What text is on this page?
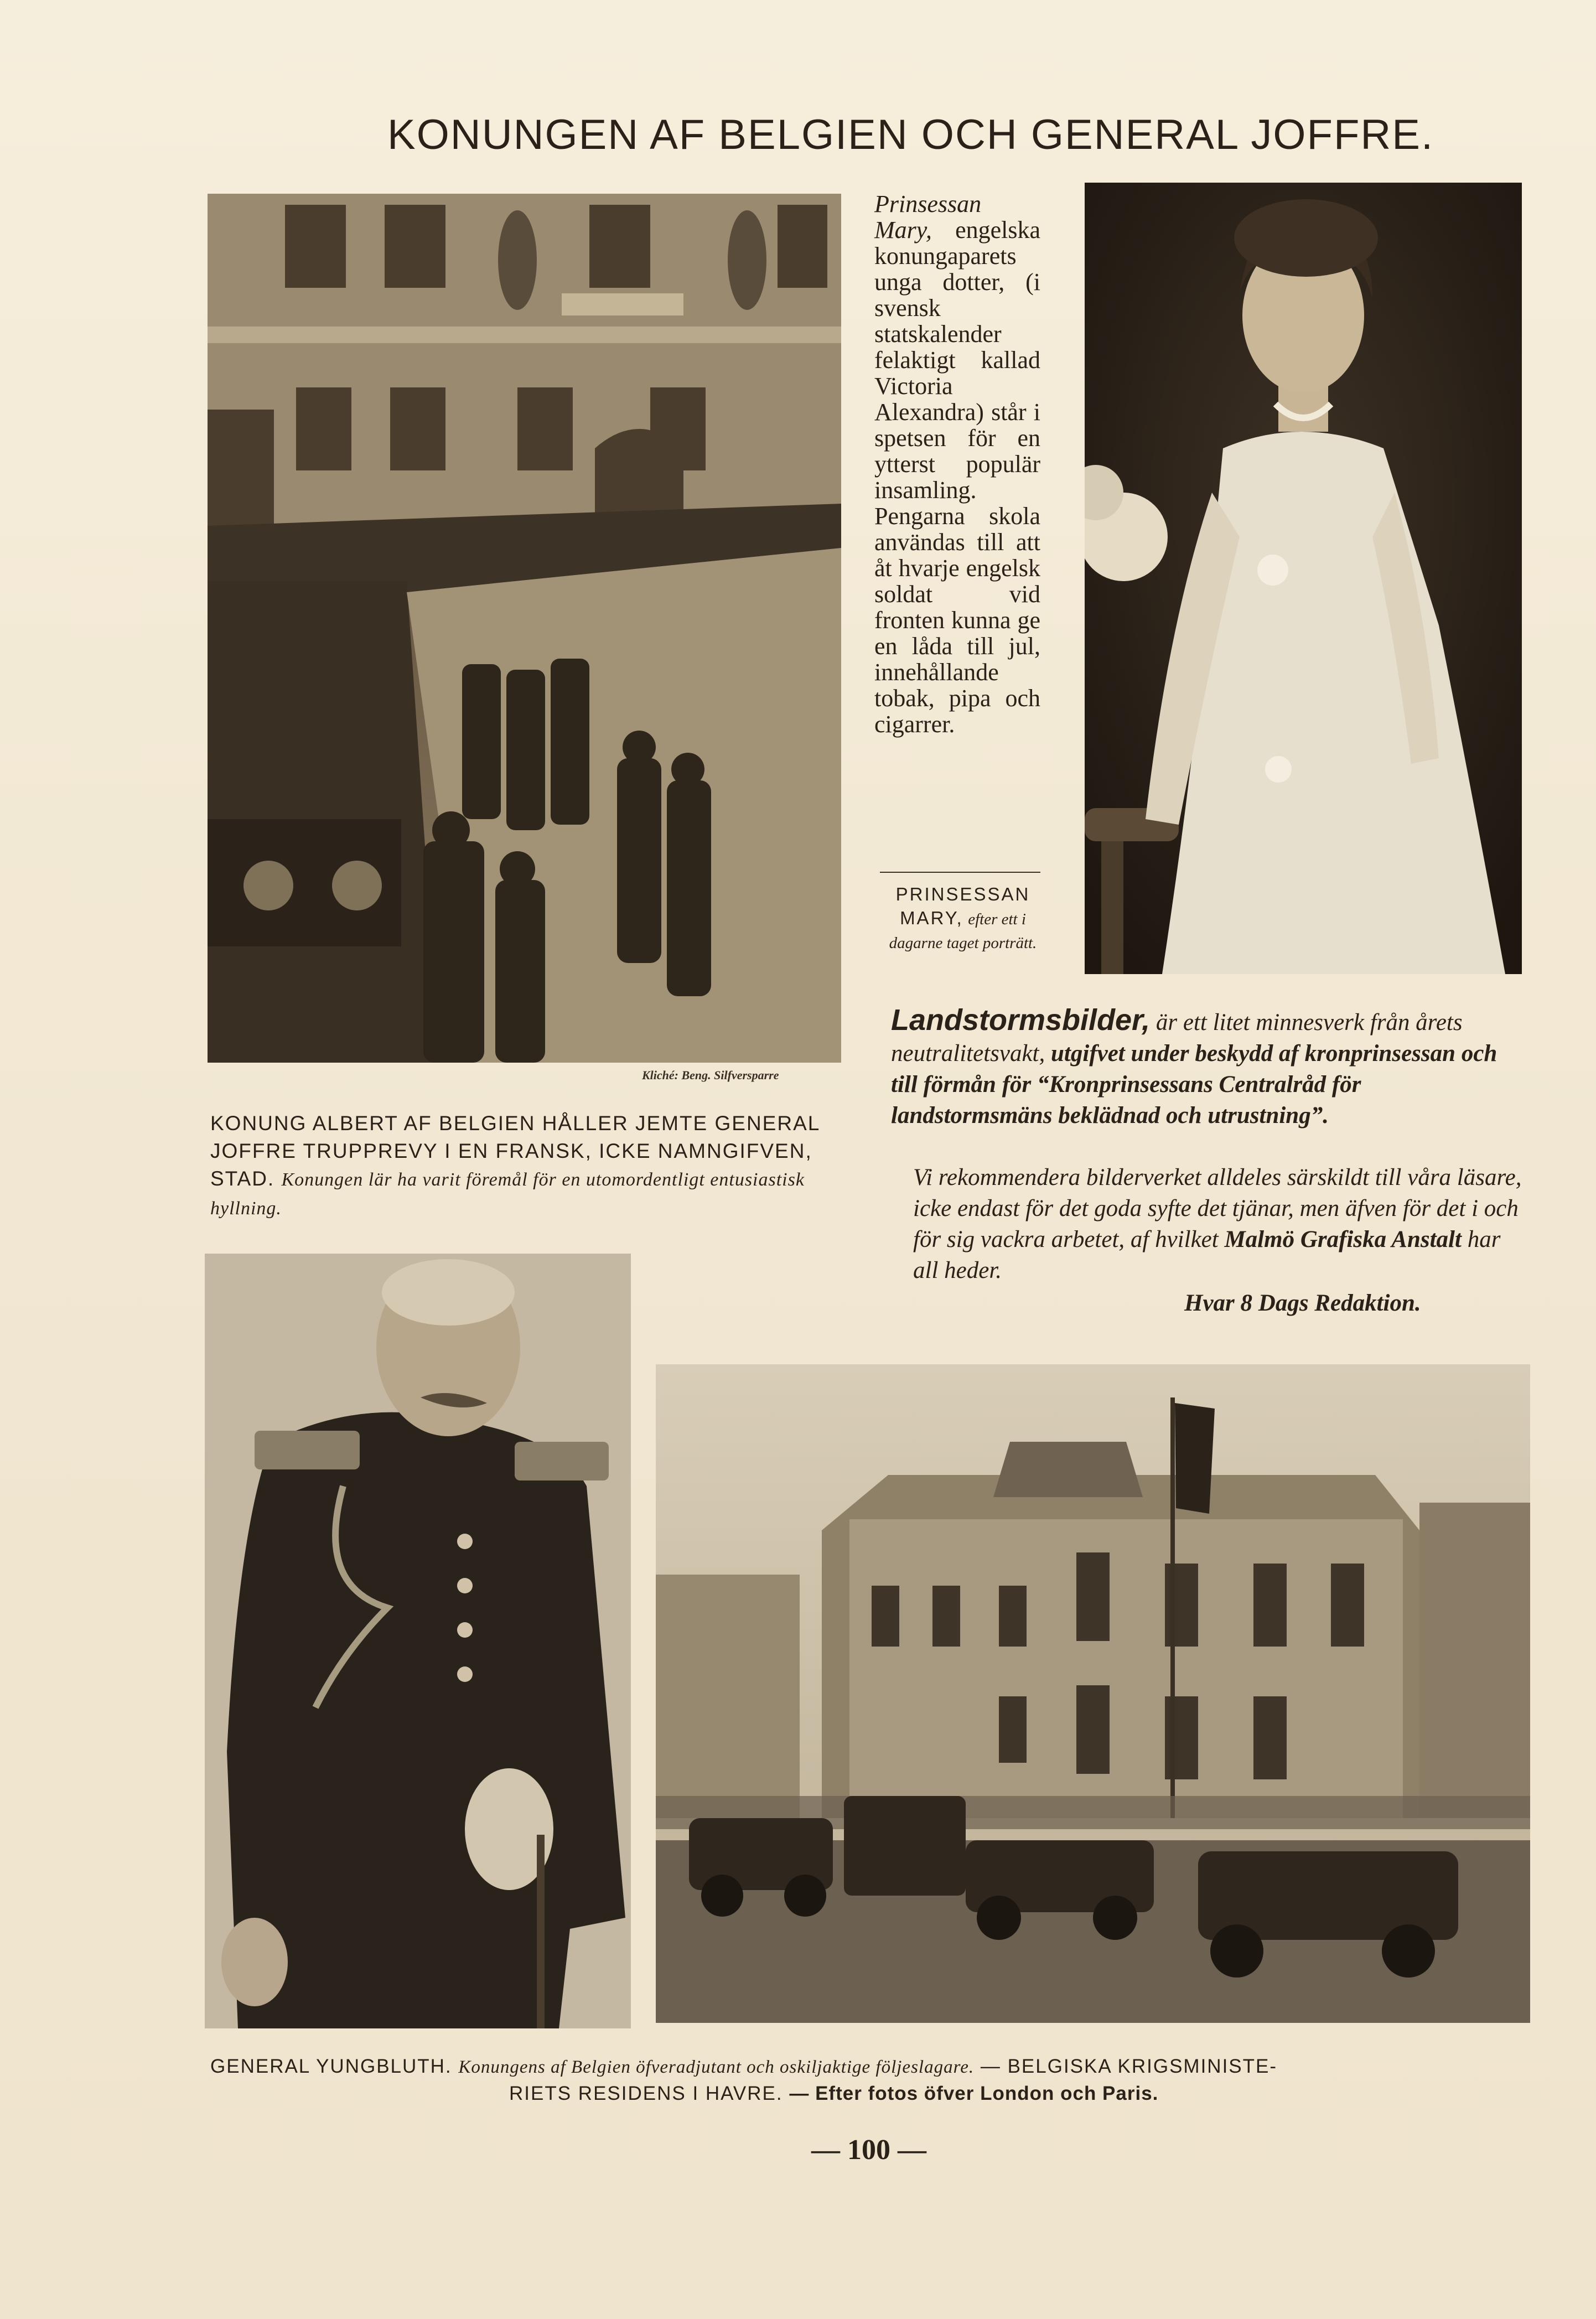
KONUNGEN AF BELGIEN OCH GENERAL JOFFRE.
Kliché: Beng. Silfversparre
KONUNG ALBERT AF BELGIEN HÅLLER JEMTE GENERAL JOFFRE TRUPPREVY I EN FRANSK, ICKE NAMNGIFVEN, STAD. Konungen lär ha varit föremål för en utomordentligt entusiastisk hyllning.
Prinsessan Mary, engelska konungaparets unga dotter, (i svensk statskalender felaktigt kallad Victoria Alexandra) står i spetsen för en ytterst populär insamling. Pengarna skola användas till att åt hvarje engelsk soldat vid fronten kunna ge en låda till jul, innehållande tobak, pipa och cigarrer.
PRINSESSAN MARY, efter ett i dagarne taget porträtt.
Landstormsbilder, är ett litet minnesverk från årets neutralitetsvakt, utgifvet under beskydd af kronprinsessan och till förmån för “Kronprinsessans Centralråd för landstormsmäns beklädnad och utrustning”.
Vi rekommendera bilderverket alldeles särskildt till våra läsare, icke endast för det goda syfte det tjänar, men äfven för det i och för sig vackra arbetet, af hvilket Malmö Grafiska Anstalt har all heder.
Hvar 8 Dags Redaktion.
GENERAL YUNGBLUTH. Konungens af Belgien öfveradjutant och oskiljaktige följeslagare. — BELGISKA KRIGSMINISTE-
RIETS RESIDENS I HAVRE. — Efter fotos öfver London och Paris.
— 100 —
